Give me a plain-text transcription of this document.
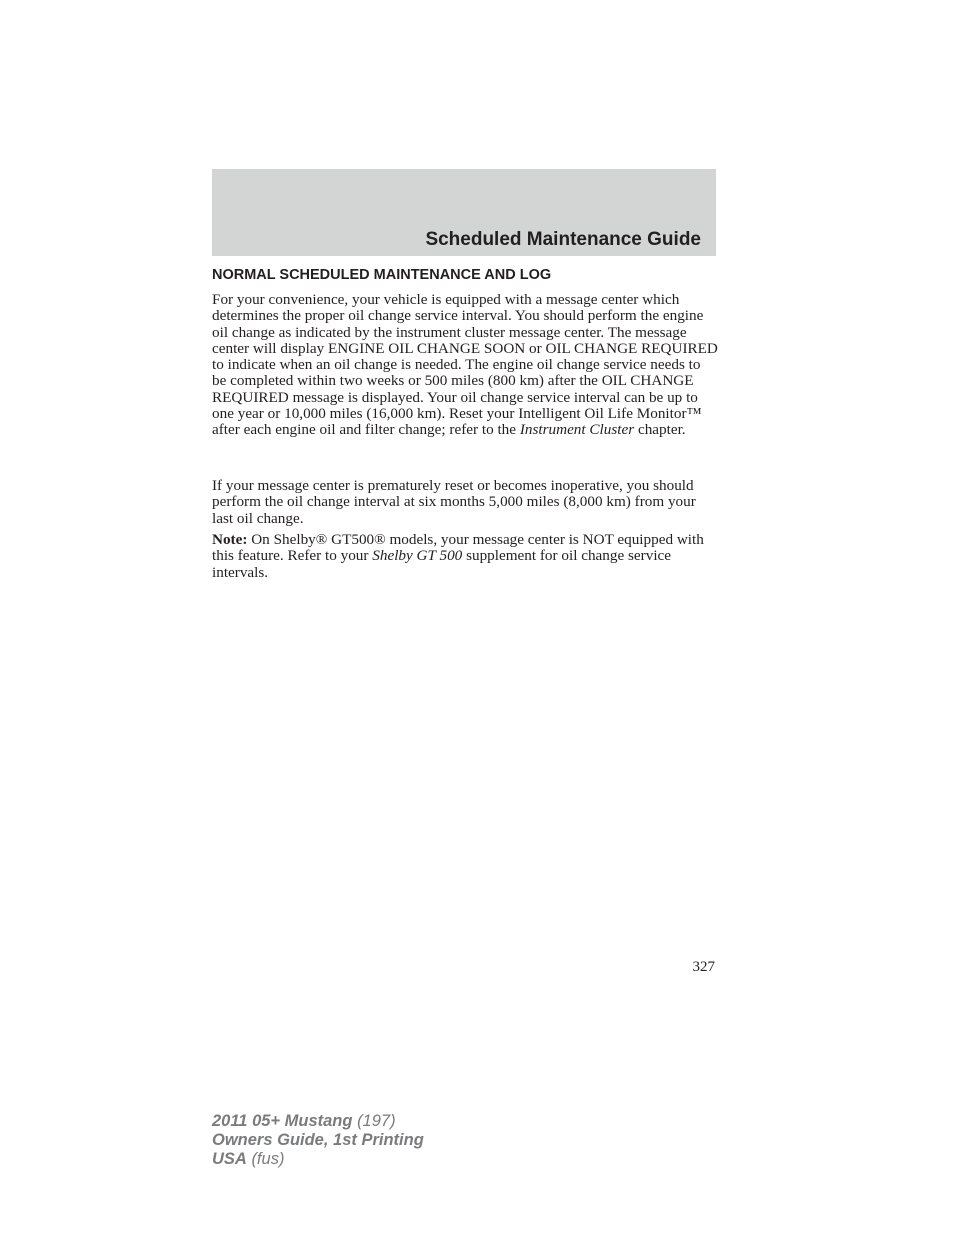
Scheduled Maintenance Guide
NORMAL SCHEDULED MAINTENANCE AND LOG

For your convenience, your vehicle is equipped with a message center which determines the proper oil change service interval. You should perform the engine oil change as indicated by the instrument cluster message center. The message center will display ENGINE OIL CHANGE SOON or OIL CHANGE REQUIRED to indicate when an oil change is needed. The engine oil change service needs to be completed within two weeks or 500 miles (800 km) after the OIL CHANGE REQUIRED message is displayed. Your oil change service interval can be up to one year or 10,000 miles (16,000 km). Reset your Intelligent Oil Life Monitor™ after each engine oil and filter change; refer to the Instrument Cluster chapter.

If your message center is prematurely reset or becomes inoperative, you should perform the oil change interval at six months 5,000 miles (8,000 km) from your last oil change.

Note: On Shelby® GT500® models, your message center is NOT equipped with this feature. Refer to your Shelby GT 500 supplement for oil change service intervals.

327
2011 05+ Mustang (197)
Owners Guide, 1st Printing
USA (fus)
